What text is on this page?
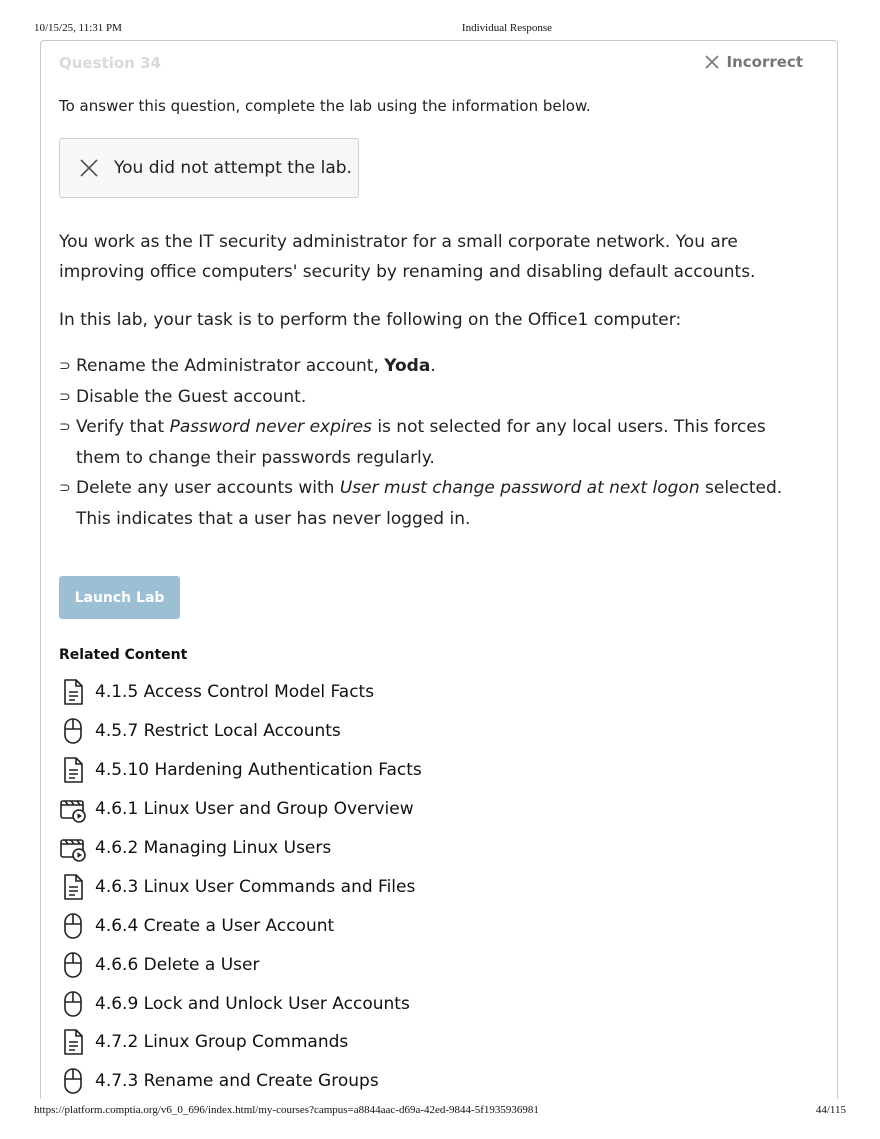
10/15/25, 11:31 PM	Individual Response
Question 34	Incorrect
To answer this question, complete the lab using the information below.
You did not attempt the lab.
You work as the IT security administrator for a small corporate network. You are improving office computers' security by renaming and disabling default accounts.
In this lab, your task is to perform the following on the Office1 computer:
⊃ Rename the Administrator account, Yoda.
⊃ Disable the Guest account.
⊃ Verify that Password never expires is not selected for any local users. This forces them to change their passwords regularly.
⊃ Delete any user accounts with User must change password at next logon selected. This indicates that a user has never logged in.
Launch Lab
Related Content
4.1.5 Access Control Model Facts
4.5.7 Restrict Local Accounts
4.5.10 Hardening Authentication Facts
4.6.1 Linux User and Group Overview
4.6.2 Managing Linux Users
4.6.3 Linux User Commands and Files
4.6.4 Create a User Account
4.6.6 Delete a User
4.6.9 Lock and Unlock User Accounts
4.7.2 Linux Group Commands
4.7.3 Rename and Create Groups
https://platform.comptia.org/v6_0_696/index.html/my-courses?campus=a8844aac-d69a-42ed-9844-5f1935936981	44/115
